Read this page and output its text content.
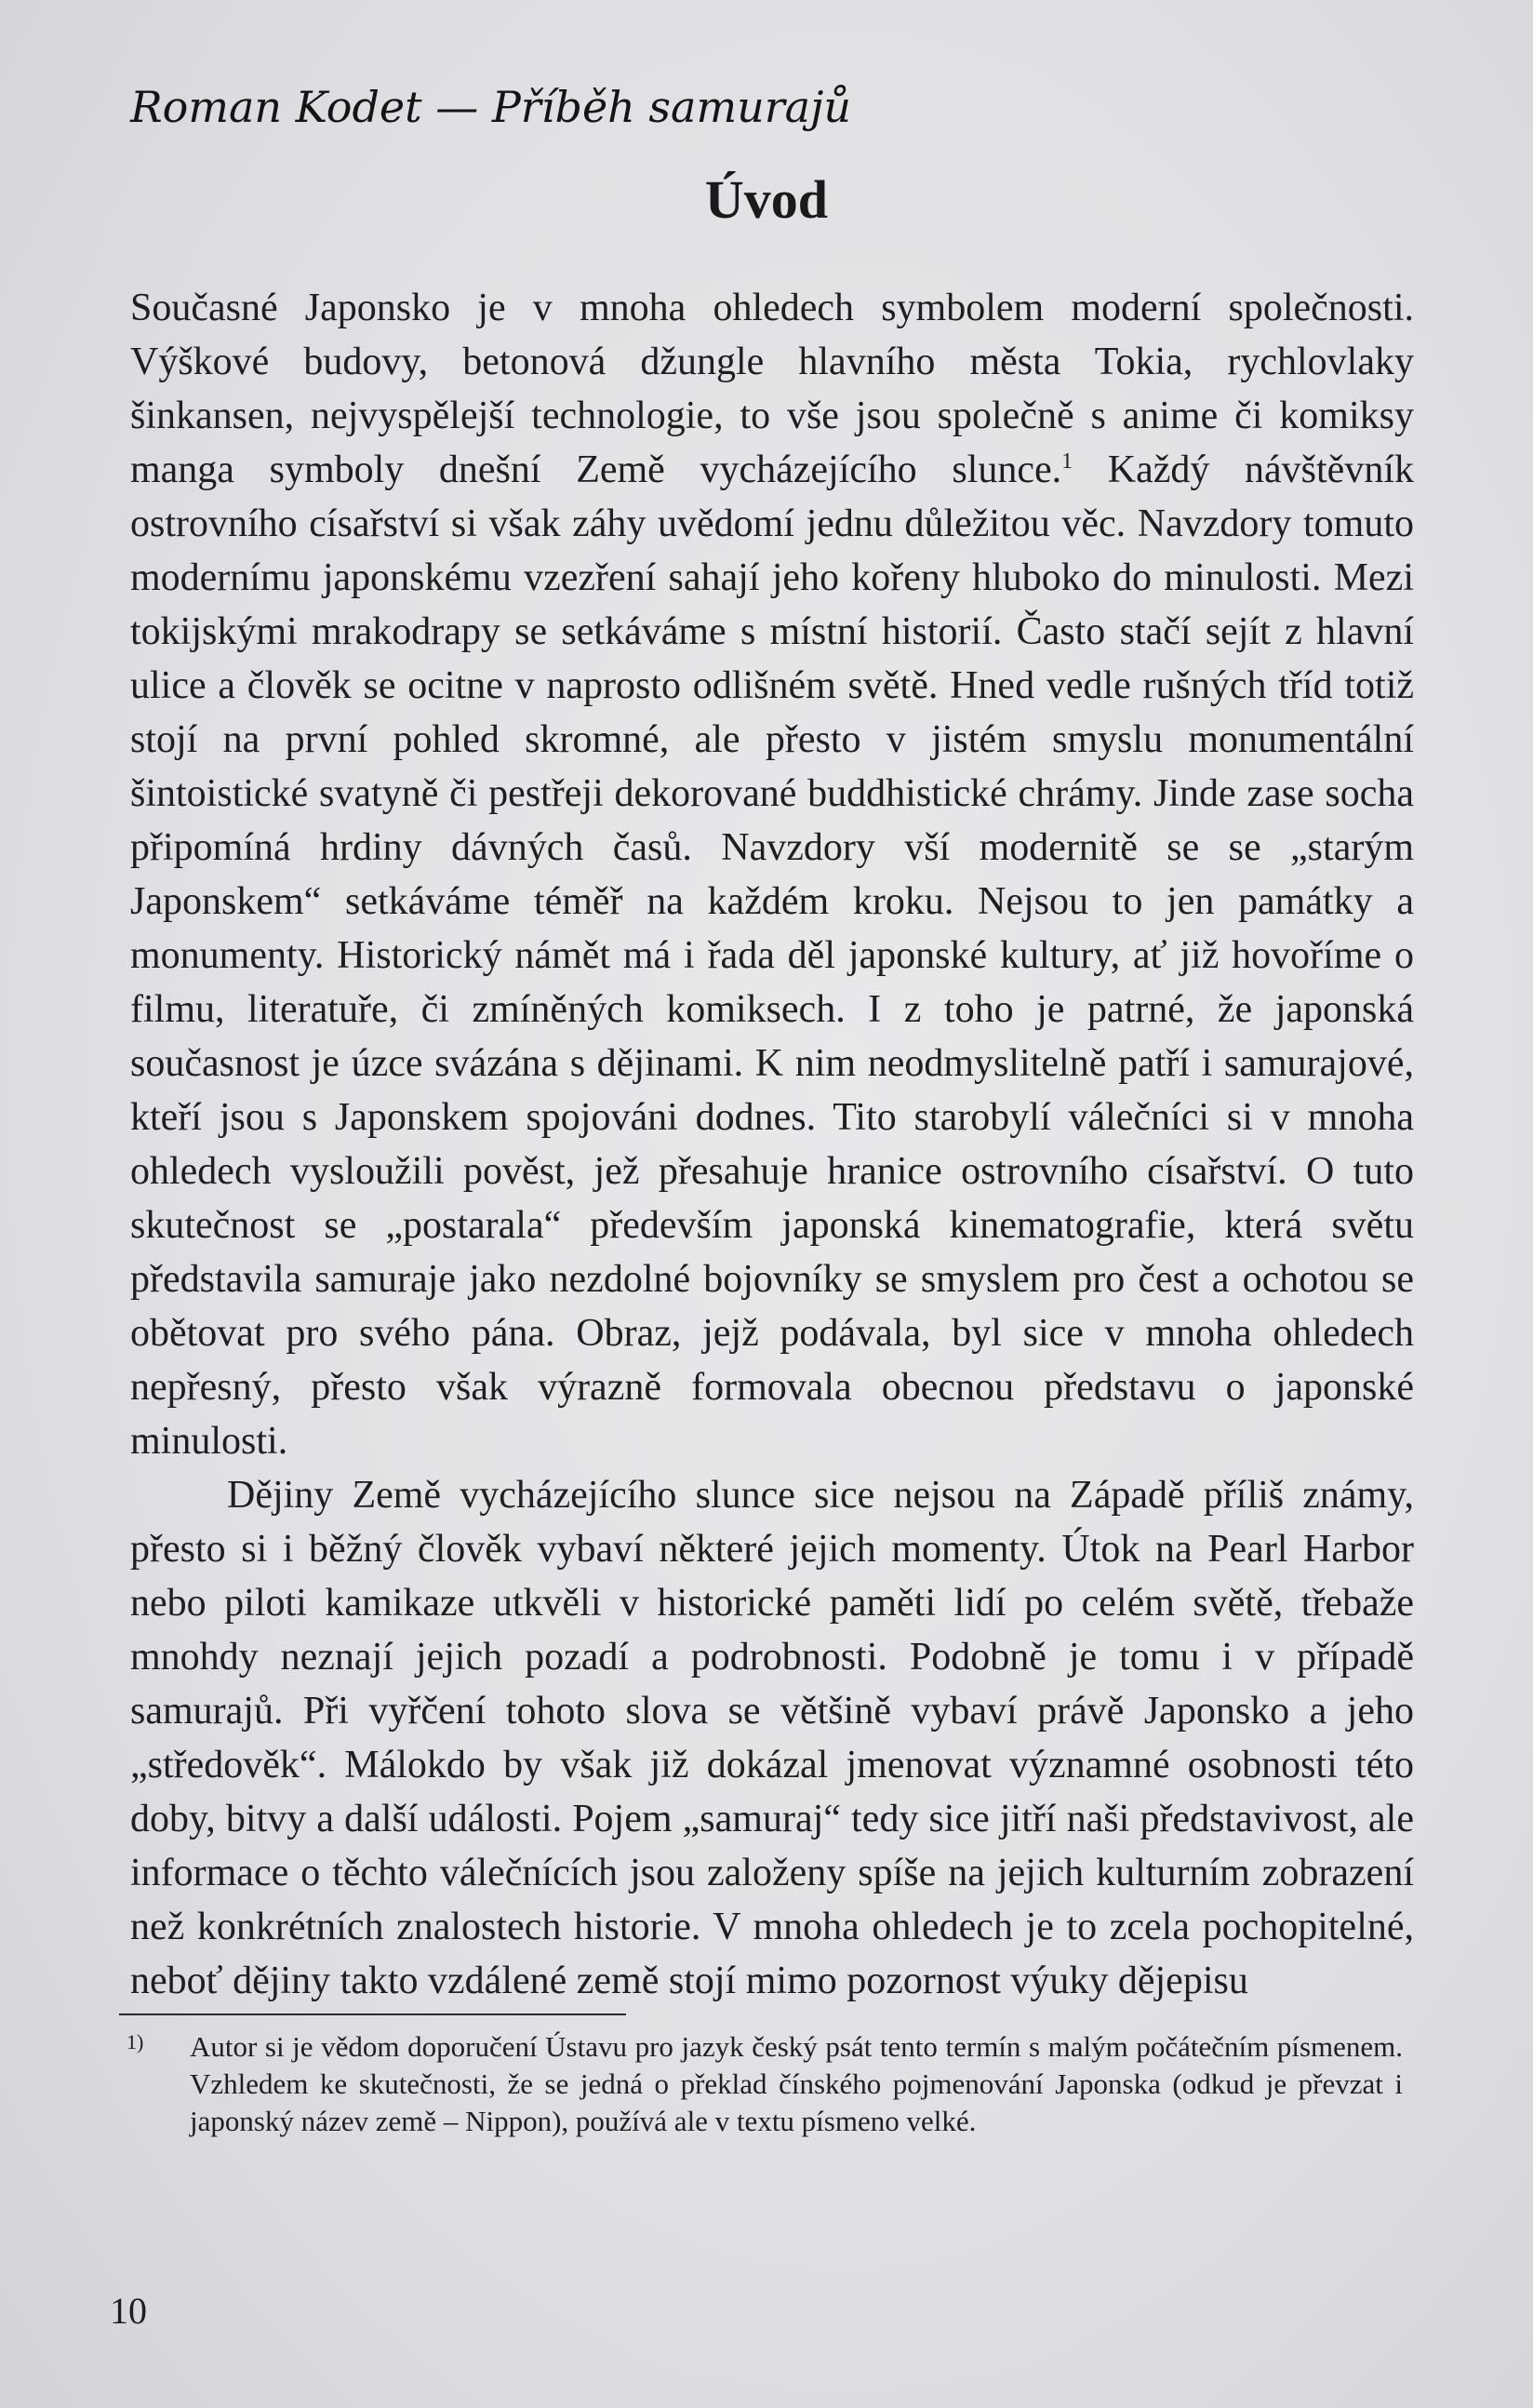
Roman Kodet — Příběh samurajů
Úvod

Současné Japonsko je v mnoha ohledech symbolem moderní společnosti. Výškové budovy, betonová džungle hlavního města Tokia, rychlovlaky šinkansen, nejvyspělejší technologie, to vše jsou společně s anime či komiksy manga symboly dnešní Země vycházejícího slunce.$^1$ Každý návštěvník ostrovního císařství si však záhy uvědomí jednu důležitou věc. Navzdory tomuto modernímu japonskému vzezření sahají jeho kořeny hluboko do minulosti. Mezi tokijskými mrakodrapy se setkáváme s místní historií. Často stačí sejít z hlavní ulice a člověk se ocitne v naprosto odlišném světě. Hned vedle rušných tříd totiž stojí na první pohled skromné, ale přesto v jistém smyslu monumentální šintoistické svatyně či pestřeji dekorované buddhistické chrámy. Jinde zase socha připomíná hrdiny dávných časů. Navzdory vší modernitě se se „starým Japonskem“ setkáváme téměř na každém kroku. Nejsou to jen památky a monumenty. Historický námět má i řada děl japonské kultury, ať již hovoříme o filmu, literatuře, či zmíněných komiksech. I z toho je patrné, že japonská současnost je úzce svázána s dějinami. K nim neodmyslitelně patří i samurajové, kteří jsou s Japonskem spojováni dodnes. Tito starobylí válečníci si v mnoha ohledech vysloužili pověst, jež přesahuje hranice ostrovního císařství. O tuto skutečnost se „postarala“ především japonská kinematografie, která světu představila samuraje jako nezdolné bojovníky se smyslem pro čest a ochotou se obětovat pro svého pána. Obraz, jejž podávala, byl sice v mnoha ohledech nepřesný, přesto však výrazně formovala obecnou představu o japonské minulosti.

Dějiny Země vycházejícího slunce sice nejsou na Západě příliš známy, přesto si i běžný člověk vybaví některé jejich momenty. Útok na Pearl Harbor nebo piloti kamikaze utkvěli v historické paměti lidí po celém světě, třebaže mnohdy neznají jejich pozadí a podrobnosti. Podobně je tomu i v případě samurajů. Při vyřčení tohoto slova se většině vybaví právě Japonsko a jeho „středověk“. Málokdo by však již dokázal jmenovat významné osobnosti této doby, bitvy a další události. Pojem „samuraj“ tedy sice jitří naši představivost, ale informace o těchto válečnících jsou založeny spíše na jejich kulturním zobrazení než konkrétních znalostech historie. V mnoha ohledech je to zcela pochopitelné, neboť dějiny takto vzdálené země stojí mimo pozornost výuky dějepisu

1) Autor si je vědom doporučení Ústavu pro jazyk český psát tento termín s malým počátečním písmenem. Vzhledem ke skutečnosti, že se jedná o překlad čínského pojmenování Japonska (odkud je převzat i japonský název země – Nippon), používá ale v textu písmeno velké.
10
